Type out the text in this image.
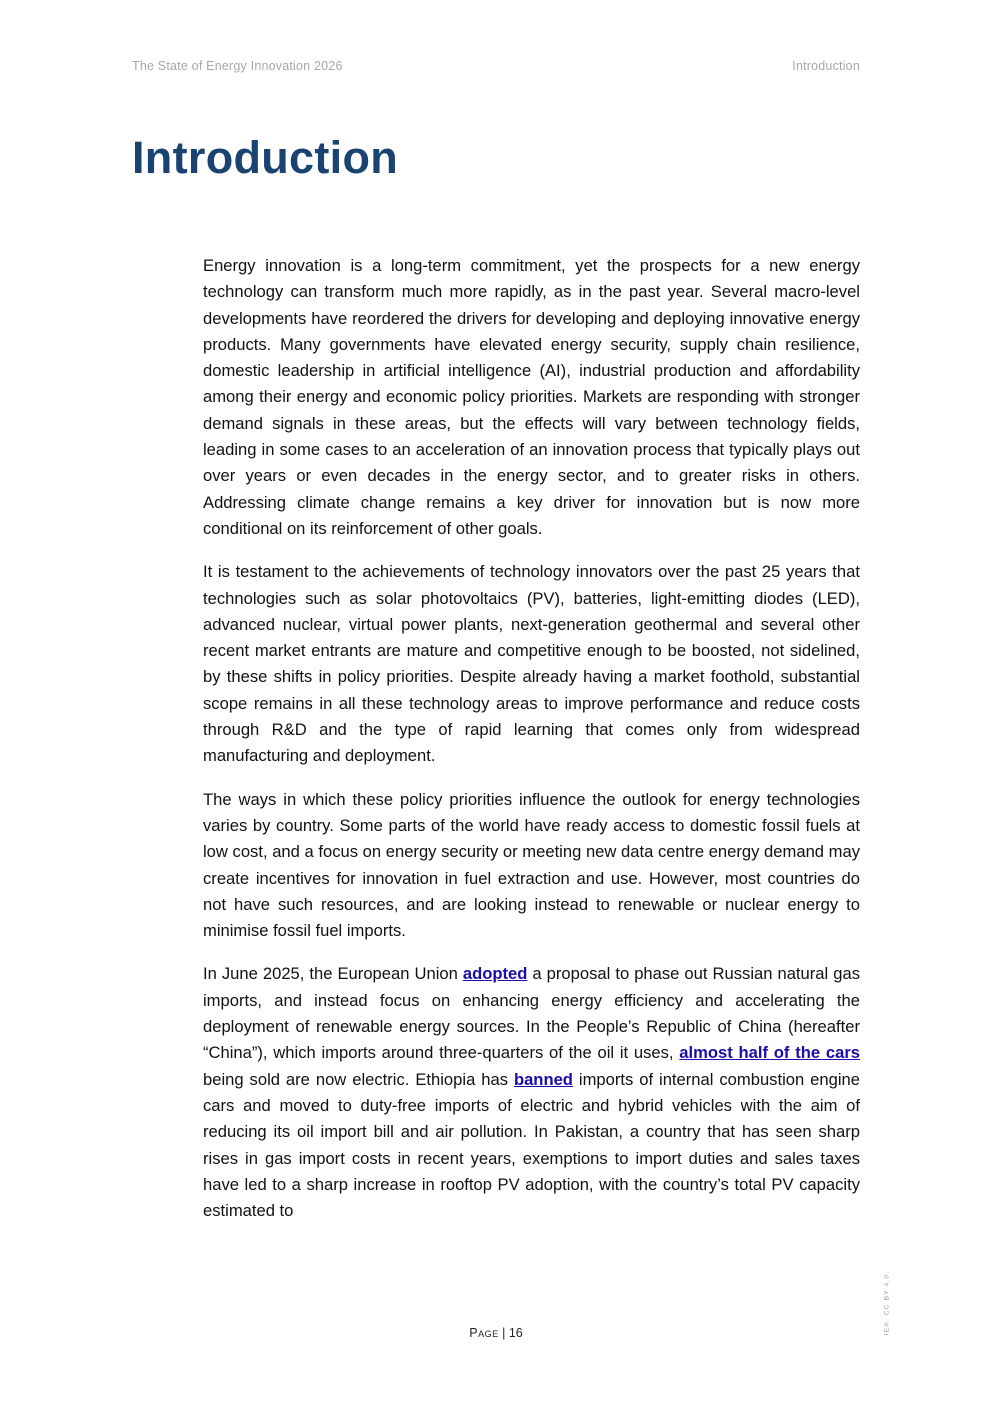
The State of Energy Innovation 2026	Introduction
Introduction

Energy innovation is a long-term commitment, yet the prospects for a new energy technology can transform much more rapidly, as in the past year. Several macro-level developments have reordered the drivers for developing and deploying innovative energy products. Many governments have elevated energy security, supply chain resilience, domestic leadership in artificial intelligence (AI), industrial production and affordability among their energy and economic policy priorities. Markets are responding with stronger demand signals in these areas, but the effects will vary between technology fields, leading in some cases to an acceleration of an innovation process that typically plays out over years or even decades in the energy sector, and to greater risks in others. Addressing climate change remains a key driver for innovation but is now more conditional on its reinforcement of other goals.

It is testament to the achievements of technology innovators over the past 25 years that technologies such as solar photovoltaics (PV), batteries, light-emitting diodes (LED), advanced nuclear, virtual power plants, next-generation geothermal and several other recent market entrants are mature and competitive enough to be boosted, not sidelined, by these shifts in policy priorities. Despite already having a market foothold, substantial scope remains in all these technology areas to improve performance and reduce costs through R&D and the type of rapid learning that comes only from widespread manufacturing and deployment.

The ways in which these policy priorities influence the outlook for energy technologies varies by country. Some parts of the world have ready access to domestic fossil fuels at low cost, and a focus on energy security or meeting new data centre energy demand may create incentives for innovation in fuel extraction and use. However, most countries do not have such resources, and are looking instead to renewable or nuclear energy to minimise fossil fuel imports.

In June 2025, the European Union adopted a proposal to phase out Russian natural gas imports, and instead focus on enhancing energy efficiency and accelerating the deployment of renewable energy sources. In the People’s Republic of China (hereafter “China”), which imports around three-quarters of the oil it uses, almost half of the cars being sold are now electric. Ethiopia has banned imports of internal combustion engine cars and moved to duty-free imports of electric and hybrid vehicles with the aim of reducing its oil import bill and air pollution. In Pakistan, a country that has seen sharp rises in gas import costs in recent years, exemptions to import duties and sales taxes have led to a sharp increase in rooftop PV adoption, with the country’s total PV capacity estimated to

Page | 16	IEA. CC BY 4.0.
